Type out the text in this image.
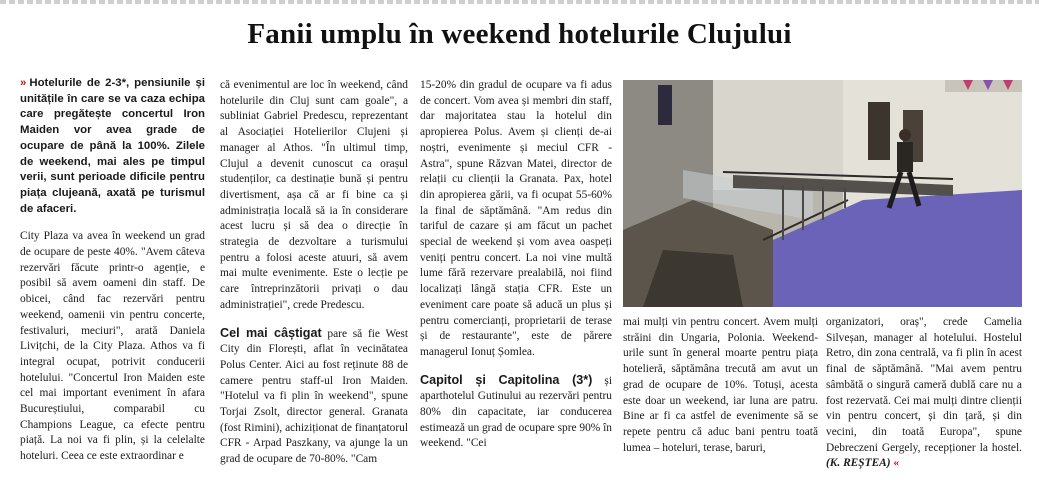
Fanii umplu în weekend hotelurile Clujului

» Hotelurile de 2-3*, pensiunile și unitățile în care se va caza echipa care pregătește concertul Iron Maiden vor avea grade de ocupare de până la 100%. Zilele de weekend, mai ales pe timpul verii, sunt perioade dificile pentru piața clujeană, axată pe turismul de afaceri.

City Plaza va avea în weekend un grad de ocupare de peste 40%. "Avem câteva rezervări făcute printr-o agenție, e posibil să avem oameni din staff. De obicei, când fac rezervări pentru weekend, oamenii vin pentru concerte, festivaluri, meciuri", arată Daniela Livițchi, de la City Plaza. Athos va fi integral ocupat, potrivit conducerii hotelului. "Concertul Iron Maiden este cel mai important eveniment în afara Bucureștiului, comparabil cu Champions League, ca efecte pentru piață. La noi va fi plin, și la celelalte hoteluri. Ceea ce este extraordinar e

că evenimentul are loc în weekend, când hotelurile din Cluj sunt cam goale", a subliniat Gabriel Predescu, reprezentant al Asociației Hotelierilor Clujeni și manager al Athos. "În ultimul timp, Clujul a devenit cunoscut ca orașul studenților, ca destinație bună și pentru divertisment, așa că ar fi bine ca și administrația locală să ia în considerare acest lucru și să dea o direcție în strategia de dezvoltare a turismului pentru a folosi aceste atuuri, să avem mai multe evenimente. Este o lecție pe care întreprinzătorii privați o dau administrației", crede Predescu.

Cel mai câștigat pare să fie West City din Florești, aflat în vecinătatea Polus Center. Aici au fost reținute 88 de camere pentru staff-ul Iron Maiden. "Hotelul va fi plin în weekend", spune Torjai Zsolt, director general. Granata (fost Rimini), achiziționat de finanțatorul CFR - Arpad Paszkany, va ajunge la un grad de ocupare de 70-80%. "Cam

15-20% din gradul de ocupare va fi adus de concert. Vom avea și membri din staff, dar majoritatea stau la hotelul din apropierea Polus. Avem și clienți de-ai noștri, evenimente și meciul CFR - Astra", spune Răzvan Matei, director de relații cu clienții la Granata. Pax, hotel din apropierea gării, va fi ocupat 55-60% la final de săptămână. "Am redus din tariful de cazare și am făcut un pachet special de weekend și vom avea oaspeți veniți pentru concert. La noi vine multă lume fără rezervare prealabilă, noi fiind localizați lângă stația CFR. Este un eveniment care poate să aducă un plus și pentru comercianți, proprietarii de terase și de restaurante", este de părere managerul Ionuț Șomlea.

Capitol și Capitolina (3*) și aparthotelul Gutinului au rezervări pentru 80% din capacitate, iar conducerea estimează un grad de ocupare spre 90% în weekend. "Cei

mai mulți vin pentru concert. Avem mulți străini din Ungaria, Polonia. Weekend-urile sunt în general moarte pentru piața hotelieră, săptămâna trecută am avut un grad de ocupare de 10%. Totuși, acesta este doar un weekend, iar luna are patru. Bine ar fi ca astfel de evenimente să se repete pentru că aduc bani pentru toată lumea – hoteluri, terase, baruri,

organizatori, oraș", crede Camelia Silveșan, manager al hotelului. Hostelul Retro, din zona centrală, va fi plin în acest final de săptămână. "Mai avem pentru sâmbătă o singură cameră dublă care nu a fost rezervată. Cei mai mulți dintre clienții vin pentru concert, și din țară, și din vecini, din toată Europa", spune Debreczeni Gergely, recepționer la hostel. (K. REȘTEA) «
